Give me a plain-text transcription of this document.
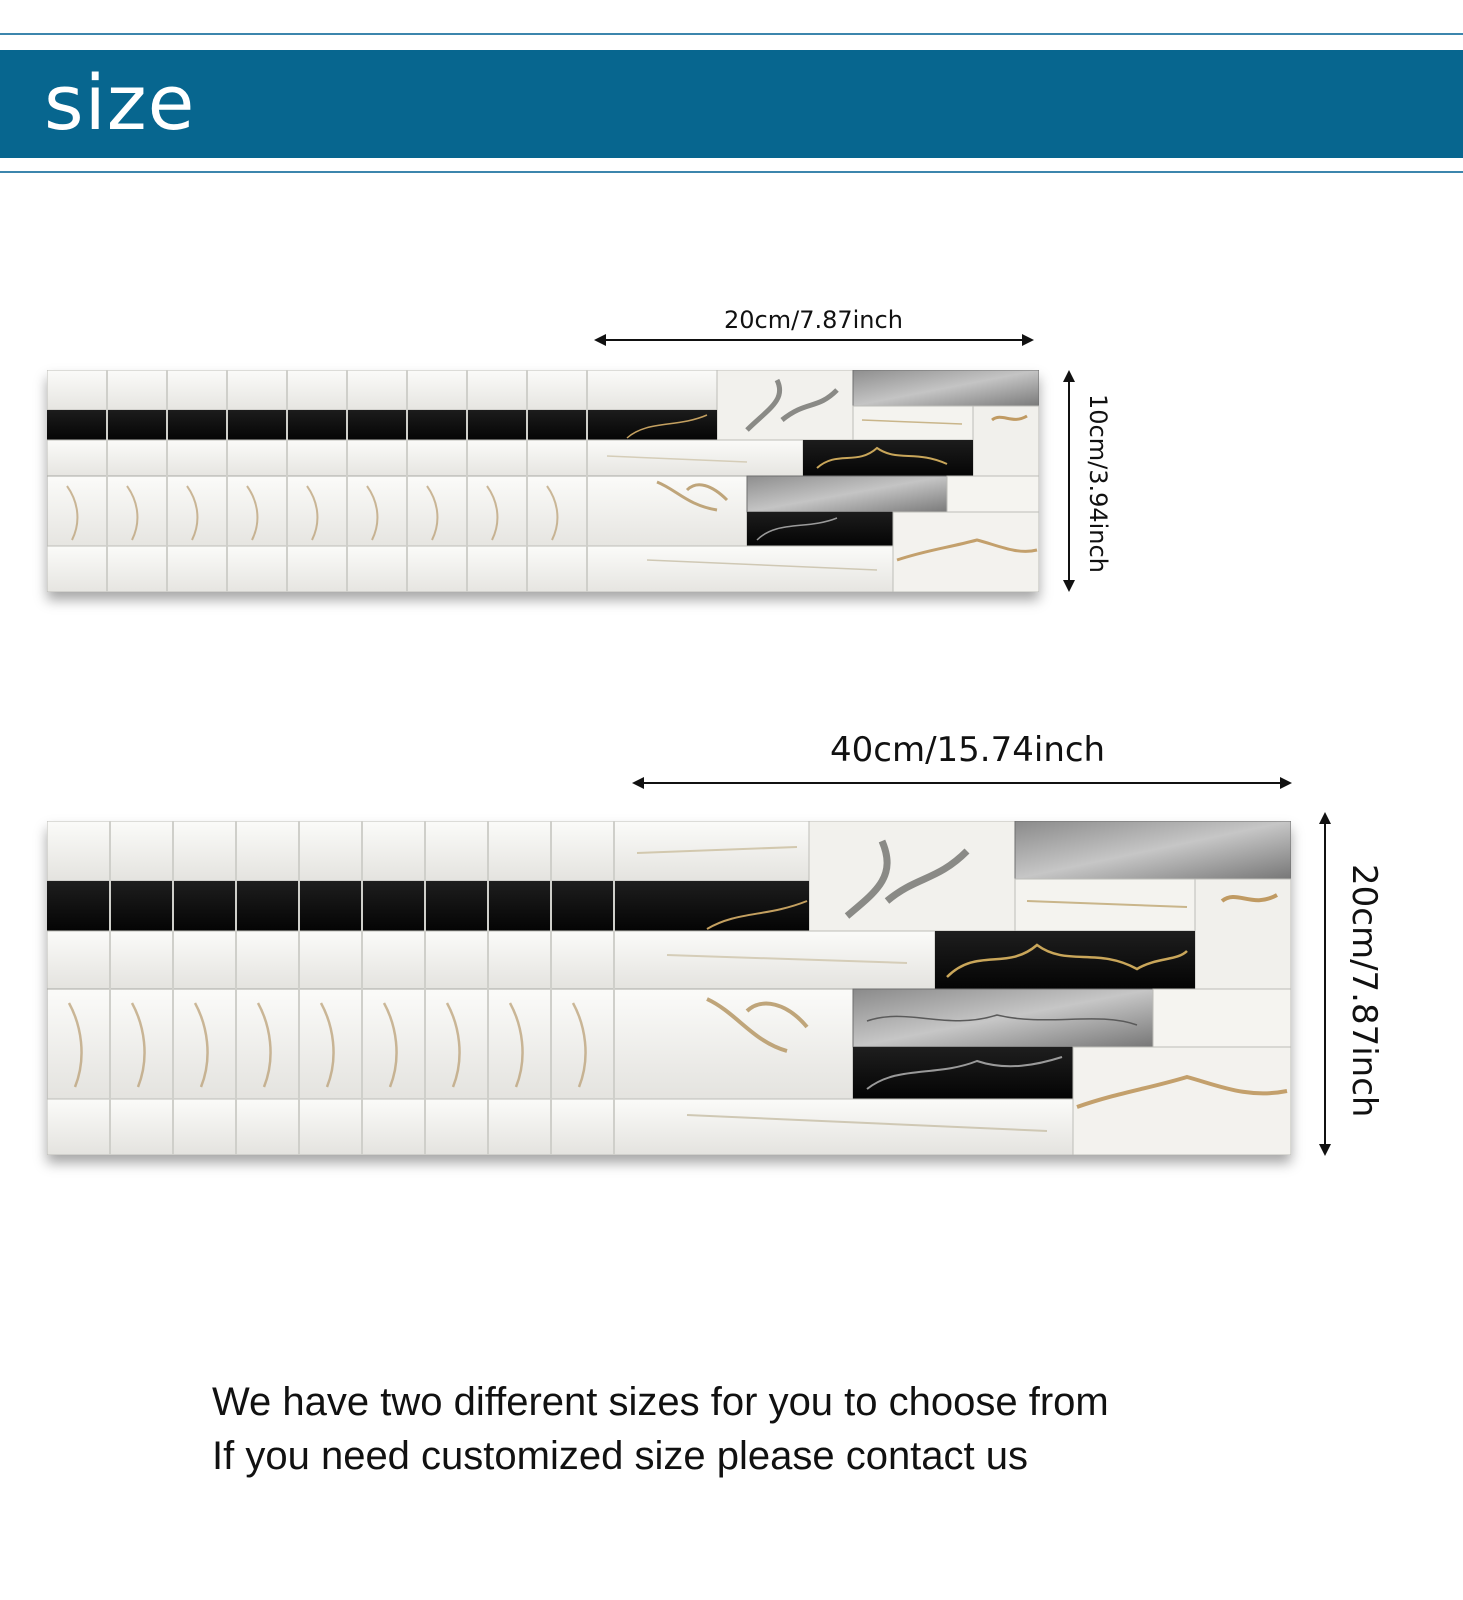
size
20cm/7.87inch
10cm/3.94inch
40cm/15.74inch
20cm/7.87inch
We have two different sizes for you to choose from
If you need customized size please contact us
